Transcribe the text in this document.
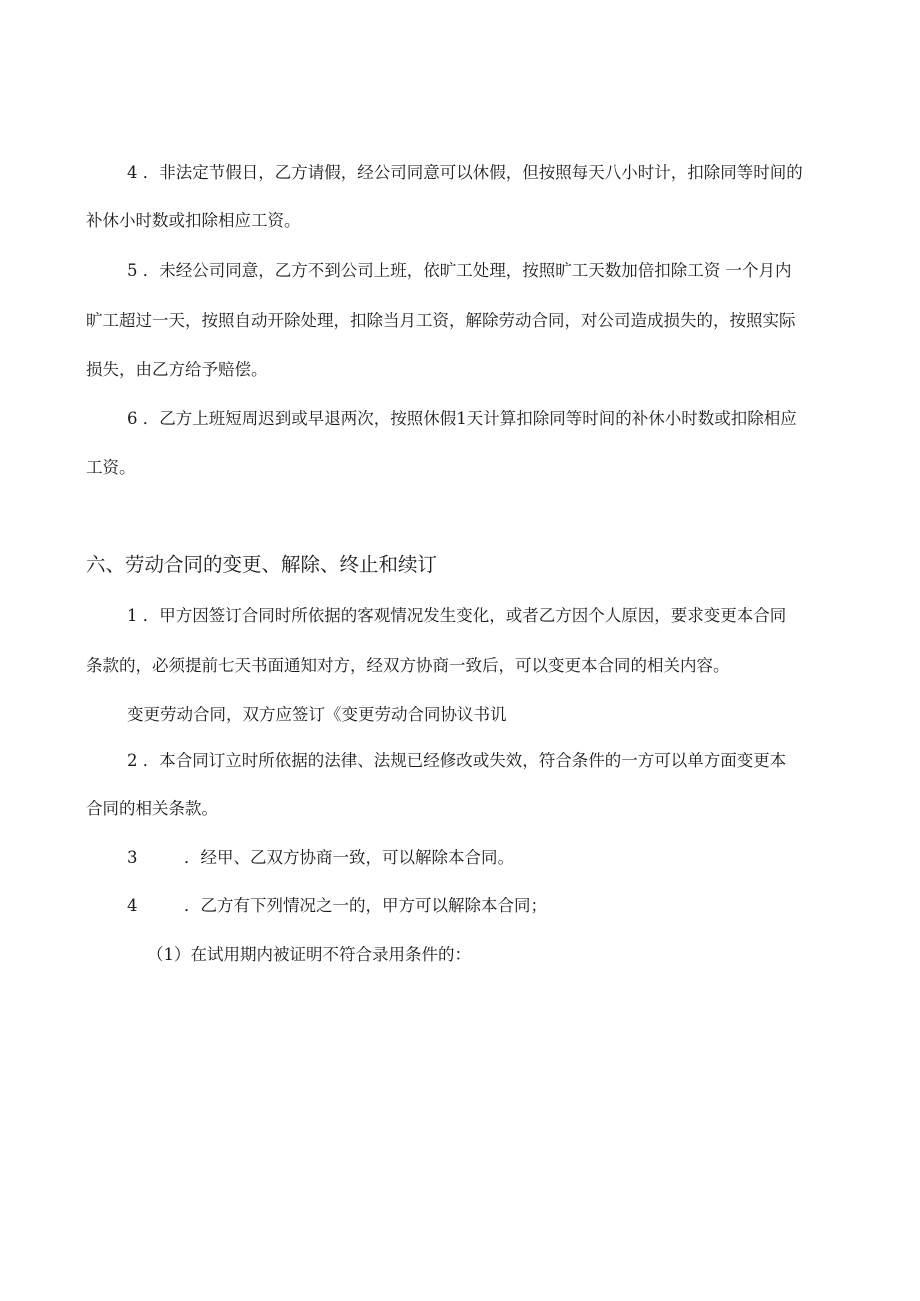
4 ．非法定节假日，乙方请假，经公司同意可以休假，但按照每天八小时计，扣除同等时间的
补休小时数或扣除相应工资。
5 ．未经公司同意，乙方不到公司上班，依旷工处理，按照旷工天数加倍扣除工资 一个月内
旷工超过一天，按照自动开除处理，扣除当月工资，解除劳动合同，对公司造成损失的，按照实际
损失，由乙方给予赔偿。
6 ．乙方上班短周迟到或早退两次，按照休假1天计算扣除同等时间的补休小时数或扣除相应
工资。
六、劳动合同的变更、解除、终止和续订
1 ．甲方因签订合同时所依据的客观情况发生变化，或者乙方因个人原因，要求变更本合同
条款的，必须提前七天书面通知对方，经双方协商一致后，可以变更本合同的相关内容。
变更劳动合同，双方应签订《变更劳动合同协议书讥
2 ．本合同订立时所依据的法律、法规已经修改或失效，符合条件的一方可以单方面变更本
合同的相关条款。
3	．经甲、乙双方协商一致，可以解除本合同。
4	．乙方有下列情况之一的，甲方可以解除本合同；
（1）在试用期内被证明不符合录用条件的：
